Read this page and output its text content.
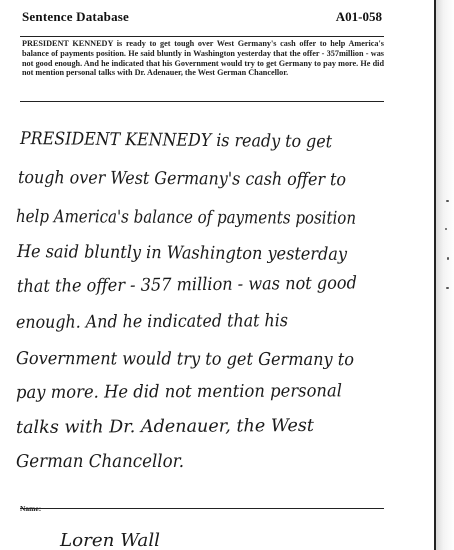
Sentence Database	A01-058
PRESIDENT KENNEDY is ready to get tough over West Germany's cash offer to help America's balance of payments position. He said bluntly in Washington yesterday that the offer - 357million - was not good enough. And he indicated that his Government would try to get Germany to pay more. He did not mention personal talks with Dr. Adenauer, the West German Chancellor.
PRESIDENT KENNEDY is ready to get
tough over West Germany's cash offer to
help America's balance of payments position
He said bluntly in Washington yesterday
that the offer - 357 million - was not good
enough. And he indicated that his
Government would try to get Germany to
pay more. He did not mention personal
talks with Dr. Adenauer, the West
German Chancellor.
Name:
Loren Wall
